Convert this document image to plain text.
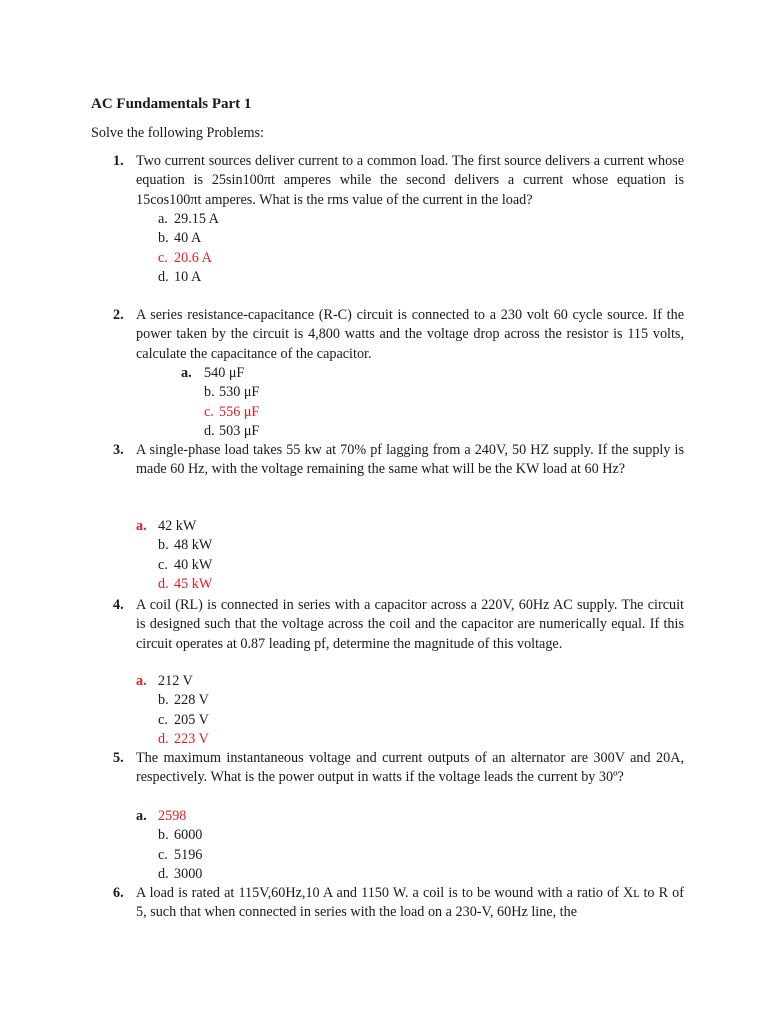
AC Fundamentals Part 1
Solve the following Problems:
1. Two current sources deliver current to a common load. The first source delivers a current whose equation is 25sin100πt amperes while the second delivers a current whose equation is 15cos100πt amperes. What is the rms value of the current in the load?
a. 29.15 A
b. 40 A
c. 20.6 A
d. 10 A
2. A series resistance-capacitance (R-C) circuit is connected to a 230 volt 60 cycle source. If the power taken by the circuit is 4,800 watts and the voltage drop across the resistor is 115 volts, calculate the capacitance of the capacitor.
a. 540 μF
b. 530 μF
c. 556 μF
d. 503 μF
3. A single-phase load takes 55 kw at 70% pf lagging from a 240V, 50 HZ supply. If the supply is made 60 Hz, with the voltage remaining the same what will be the KW load at 60 Hz?
a. 42 kW
b. 48 kW
c. 40 kW
d. 45 kW
4. A coil (RL) is connected in series with a capacitor across a 220V, 60Hz AC supply. The circuit is designed such that the voltage across the coil and the capacitor are numerically equal. If this circuit operates at 0.87 leading pf, determine the magnitude of this voltage.
a. 212 V
b. 228 V
c. 205 V
d. 223 V
5. The maximum instantaneous voltage and current outputs of an alternator are 300V and 20A, respectively. What is the power output in watts if the voltage leads the current by 30º?
a. 2598
b. 6000
c. 5196
d. 3000
6. A load is rated at 115V,60Hz,10 A and 1150 W. a coil is to be wound with a ratio of Xʟ to R of 5, such that when connected in series with the load on a 230-V, 60Hz line, the
